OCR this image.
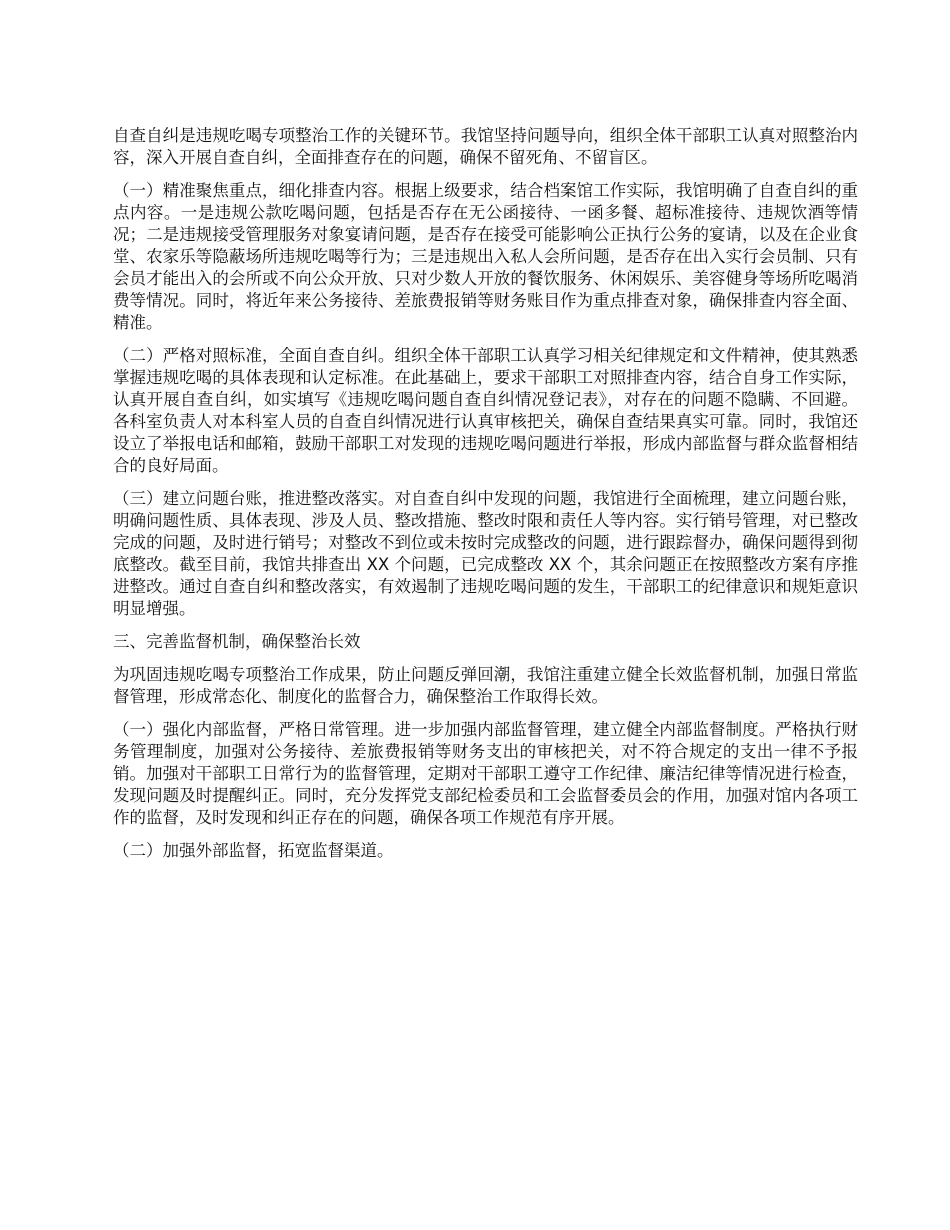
自查自纠是违规吃喝专项整治工作的关键环节。我馆坚持问题导向，组织全体干部职工认真对照整治内容，深入开展自查自纠，全面排查存在的问题，确保不留死角、不留盲区。

（一）精准聚焦重点，细化排查内容。根据上级要求，结合档案馆工作实际，我馆明确了自查自纠的重点内容。一是违规公款吃喝问题，包括是否存在无公函接待、一函多餐、超标准接待、违规饮酒等情况；二是违规接受管理服务对象宴请问题，是否存在接受可能影响公正执行公务的宴请，以及在企业食堂、农家乐等隐蔽场所违规吃喝等行为；三是违规出入私人会所问题，是否存在出入实行会员制、只有会员才能出入的会所或不向公众开放、只对少数人开放的餐饮服务、休闲娱乐、美容健身等场所吃喝消费等情况。同时，将近年来公务接待、差旅费报销等财务账目作为重点排查对象，确保排查内容全面、精准。

（二）严格对照标准，全面自查自纠。组织全体干部职工认真学习相关纪律规定和文件精神，使其熟悉掌握违规吃喝的具体表现和认定标准。在此基础上，要求干部职工对照排查内容，结合自身工作实际，认真开展自查自纠，如实填写《违规吃喝问题自查自纠情况登记表》，对存在的问题不隐瞒、不回避。各科室负责人对本科室人员的自查自纠情况进行认真审核把关，确保自查结果真实可靠。同时，我馆还设立了举报电话和邮箱，鼓励干部职工对发现的违规吃喝问题进行举报，形成内部监督与群众监督相结合的良好局面。

（三）建立问题台账，推进整改落实。对自查自纠中发现的问题，我馆进行全面梳理，建立问题台账，明确问题性质、具体表现、涉及人员、整改措施、整改时限和责任人等内容。实行销号管理，对已整改完成的问题，及时进行销号；对整改不到位或未按时完成整改的问题，进行跟踪督办，确保问题得到彻底整改。截至目前，我馆共排查出 XX 个问题，已完成整改 XX 个，其余问题正在按照整改方案有序推进整改。通过自查自纠和整改落实，有效遏制了违规吃喝问题的发生，干部职工的纪律意识和规矩意识明显增强。

三、完善监督机制，确保整治长效

为巩固违规吃喝专项整治工作成果，防止问题反弹回潮，我馆注重建立健全长效监督机制，加强日常监督管理，形成常态化、制度化的监督合力，确保整治工作取得长效。

（一）强化内部监督，严格日常管理。进一步加强内部监督管理，建立健全内部监督制度。严格执行财务管理制度，加强对公务接待、差旅费报销等财务支出的审核把关，对不符合规定的支出一律不予报销。加强对干部职工日常行为的监督管理，定期对干部职工遵守工作纪律、廉洁纪律等情况进行检查，发现问题及时提醒纠正。同时，充分发挥党支部纪检委员和工会监督委员会的作用，加强对馆内各项工作的监督，及时发现和纠正存在的问题，确保各项工作规范有序开展。

（二）加强外部监督，拓宽监督渠道。
